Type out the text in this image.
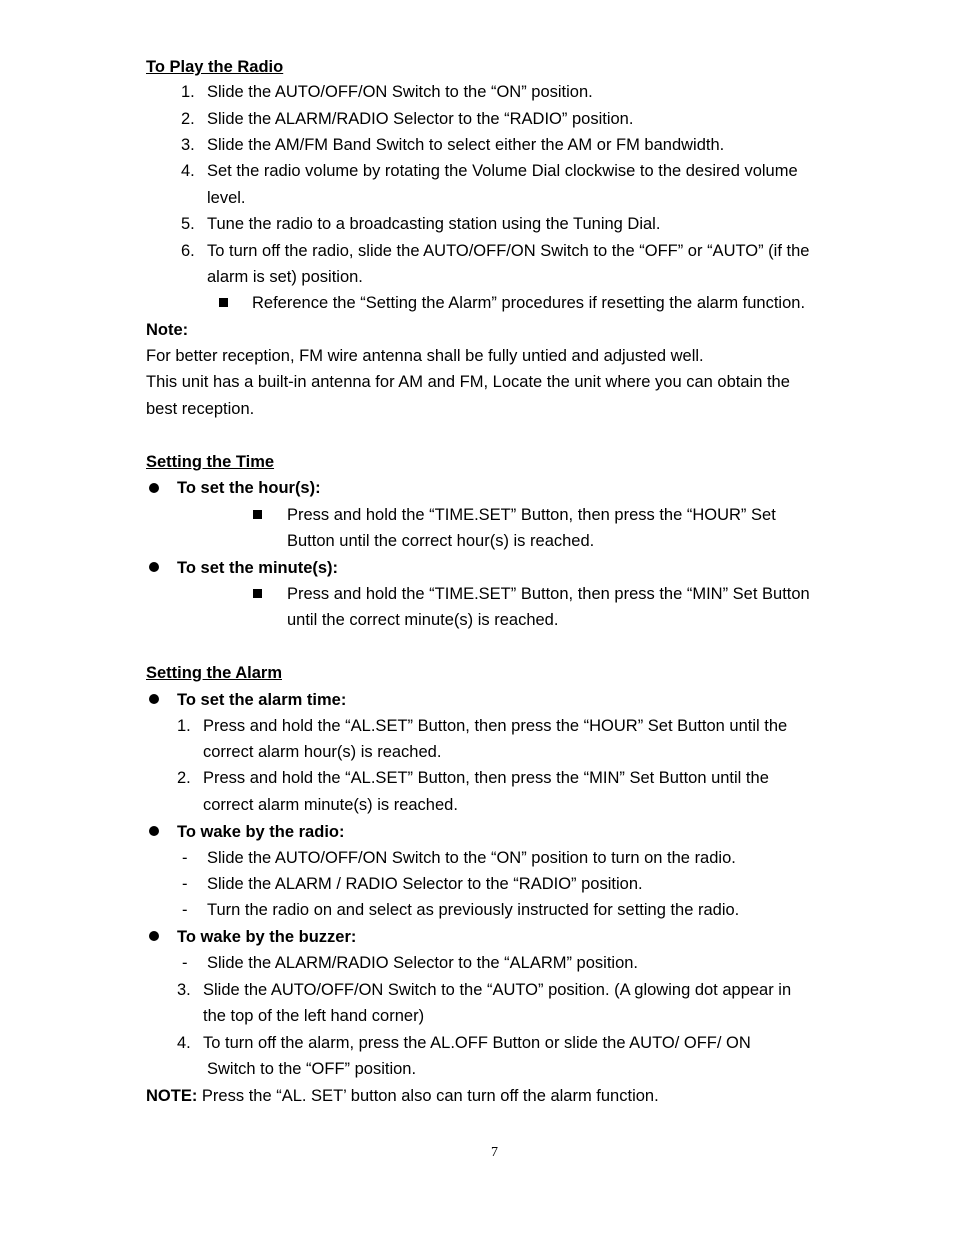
To Play the Radio
1. Slide the AUTO/OFF/ON Switch to the “ON” position.
2. Slide the ALARM/RADIO Selector to the “RADIO” position.
3. Slide the AM/FM Band Switch to select either the AM or FM bandwidth.
4. Set the radio volume by rotating the Volume Dial clockwise to the desired volume
level.
5. Tune the radio to a broadcasting station using the Tuning Dial.
6. To turn off the radio, slide the AUTO/OFF/ON Switch to the “OFF” or “AUTO” (if the
alarm is set) position.
Reference the “Setting the Alarm” procedures if resetting the alarm function.
Note:
For better reception, FM wire antenna shall be fully untied and adjusted well.
This unit has a built-in antenna for AM and FM, Locate the unit where you can obtain the
best reception.
Setting the Time
To set the hour(s):
Press and hold the “TIME.SET” Button, then press the “HOUR” Set
Button until the correct hour(s) is reached.
To set the minute(s):
Press and hold the “TIME.SET” Button, then press the “MIN” Set Button
until the correct minute(s) is reached.
Setting the Alarm
To set the alarm time:
1. Press and hold the “AL.SET” Button, then press the “HOUR” Set Button until the
correct alarm hour(s) is reached.
2. Press and hold the “AL.SET” Button, then press the “MIN” Set Button until the
correct alarm minute(s) is reached.
To wake by the radio:
- Slide the AUTO/OFF/ON Switch to the “ON” position to turn on the radio.
- Slide the ALARM / RADIO Selector to the “RADIO” position.
- Turn the radio on and select as previously instructed for setting the radio.
To wake by the buzzer:
- Slide the ALARM/RADIO Selector to the “ALARM” position.
3. Slide the AUTO/OFF/ON Switch to the “AUTO” position. (A glowing dot appear in
the top of the left hand corner)
4. To turn off the alarm, press the AL.OFF Button or slide the AUTO/ OFF/ ON
Switch to the “OFF” position.
NOTE: Press the “AL. SET’ button also can turn off the alarm function.
7
